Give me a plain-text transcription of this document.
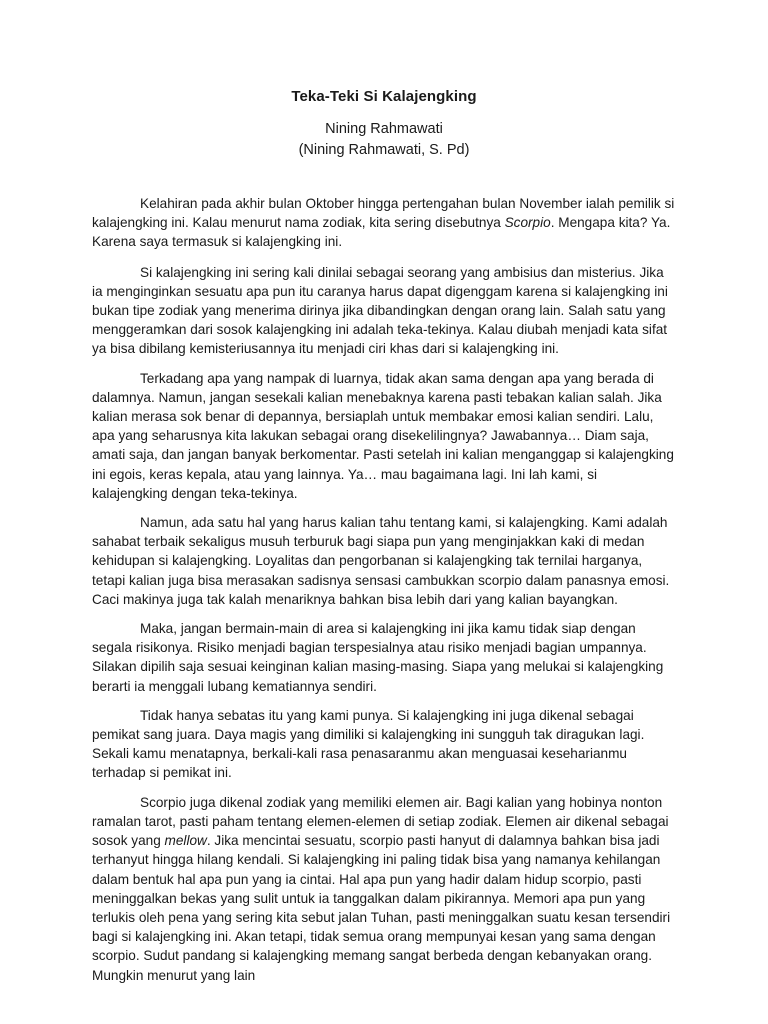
Teka-Teki Si Kalajengking
Nining Rahmawati
(Nining Rahmawati, S. Pd)

Kelahiran pada akhir bulan Oktober hingga pertengahan bulan November ialah pemilik si kalajengking ini. Kalau menurut nama zodiak, kita sering disebutnya Scorpio. Mengapa kita? Ya. Karena saya termasuk si kalajengking ini.

Si kalajengking ini sering kali dinilai sebagai seorang yang ambisius dan misterius. Jika ia menginginkan sesuatu apa pun itu caranya harus dapat digenggam karena si kalajengking ini bukan tipe zodiak yang menerima dirinya jika dibandingkan dengan orang lain. Salah satu yang menggeramkan dari sosok kalajengking ini adalah teka-tekinya. Kalau diubah menjadi kata sifat ya bisa dibilang kemisteriusannya itu menjadi ciri khas dari si kalajengking ini.

Terkadang apa yang nampak di luarnya, tidak akan sama dengan apa yang berada di dalamnya. Namun, jangan sesekali kalian menebaknya karena pasti tebakan kalian salah. Jika kalian merasa sok benar di depannya, bersiaplah untuk membakar emosi kalian sendiri. Lalu, apa yang seharusnya kita lakukan sebagai orang disekelilingnya? Jawabannya… Diam saja, amati saja, dan jangan banyak berkomentar. Pasti setelah ini kalian menganggap si kalajengking ini egois, keras kepala, atau yang lainnya. Ya… mau bagaimana lagi. Ini lah kami, si kalajengking dengan teka-tekinya.

Namun, ada satu hal yang harus kalian tahu tentang kami, si kalajengking. Kami adalah sahabat terbaik sekaligus musuh terburuk bagi siapa pun yang menginjakkan kaki di medan kehidupan si kalajengking. Loyalitas dan pengorbanan si kalajengking tak ternilai harganya, tetapi kalian juga bisa merasakan sadisnya sensasi cambukkan scorpio dalam panasnya emosi. Caci makinya juga tak kalah menariknya bahkan bisa lebih dari yang kalian bayangkan.

Maka, jangan bermain-main di area si kalajengking ini jika kamu tidak siap dengan segala risikonya. Risiko menjadi bagian terspesialnya atau risiko menjadi bagian umpannya. Silakan dipilih saja sesuai keinginan kalian masing-masing. Siapa yang melukai si kalajengking berarti ia menggali lubang kematiannya sendiri.

Tidak hanya sebatas itu yang kami punya. Si kalajengking ini juga dikenal sebagai pemikat sang juara. Daya magis yang dimiliki si kalajengking ini sungguh tak diragukan lagi. Sekali kamu menatapnya, berkali-kali rasa penasaranmu akan menguasai keseharianmu terhadap si pemikat ini.

Scorpio juga dikenal zodiak yang memiliki elemen air. Bagi kalian yang hobinya nonton ramalan tarot, pasti paham tentang elemen-elemen di setiap zodiak. Elemen air dikenal sebagai sosok yang mellow. Jika mencintai sesuatu, scorpio pasti hanyut di dalamnya bahkan bisa jadi terhanyut hingga hilang kendali. Si kalajengking ini paling tidak bisa yang namanya kehilangan dalam bentuk hal apa pun yang ia cintai. Hal apa pun yang hadir dalam hidup scorpio, pasti meninggalkan bekas yang sulit untuk ia tanggalkan dalam pikirannya. Memori apa pun yang terlukis oleh pena yang sering kita sebut jalan Tuhan, pasti meninggalkan suatu kesan tersendiri bagi si kalajengking ini. Akan tetapi, tidak semua orang mempunyai kesan yang sama dengan scorpio. Sudut pandang si kalajengking memang sangat berbeda dengan kebanyakan orang. Mungkin menurut yang lain
